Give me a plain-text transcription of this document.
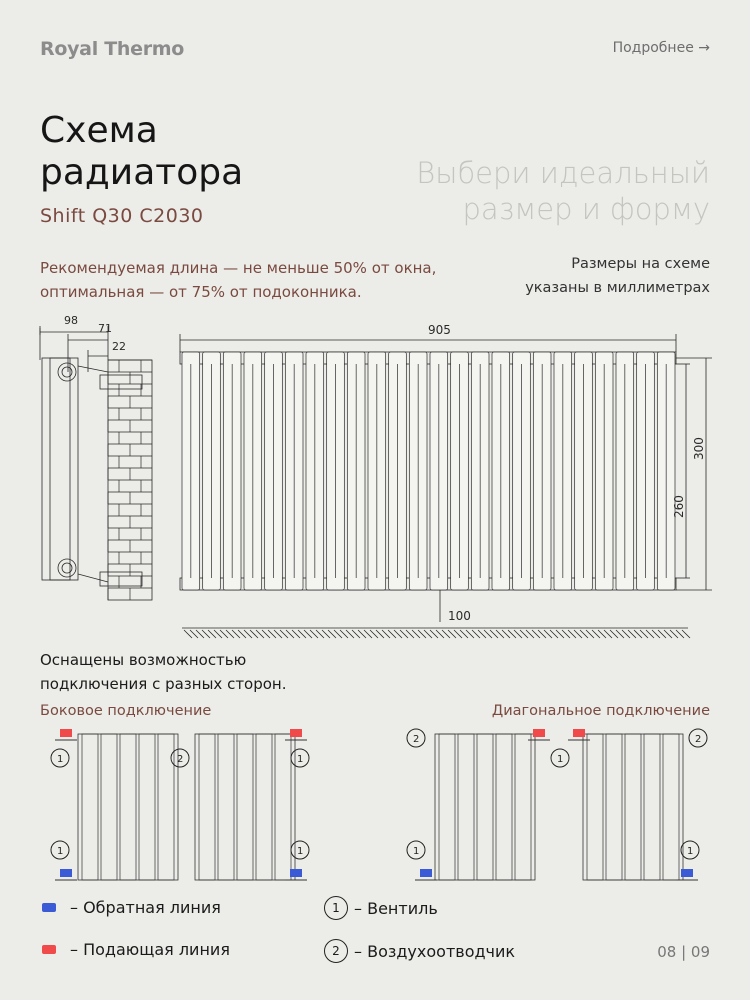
Royal Thermo	Подробнее →
Схема
радиатора	Выбери идеальный
размер и форму
Shift Q30 C2030
Рекомендуемая длина — не меньше 50% от окна,
оптимальная — от 75% от подоконника.
Размеры на схеме
указаны в миллиметрах
98
71
22
905
100
300
260
Оснащены возможностью
подключения с разных сторон.
Боковое подключение	Диагональное подключение
1
1
2	1
1
2
1
1
2
1
– Обратная линия
– Подающая линия
1 – Вентиль
2 – Воздухоотводчик	08 | 09
